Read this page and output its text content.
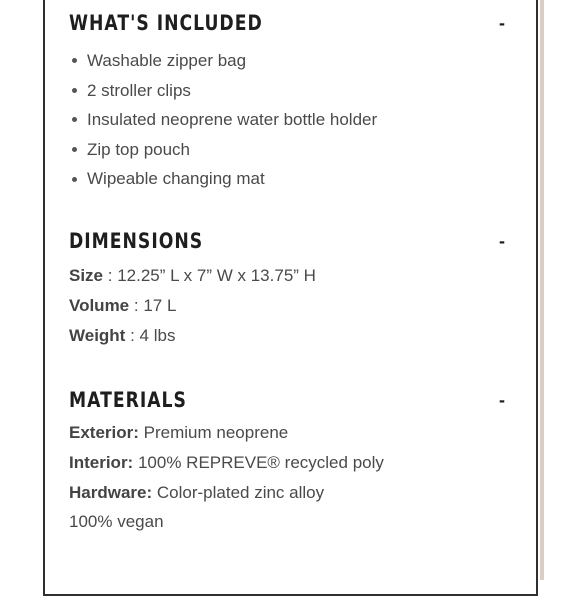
WHAT'S INCLUDED	-
Washable zipper bag
2 stroller clips
Insulated neoprene water bottle holder
Zip top pouch
Wipeable changing mat
DIMENSIONS	-
Size : 12.25” L x 7” W x 13.75” H
Volume : 17 L
Weight : 4 lbs
MATERIALS	-
Exterior: Premium neoprene
Interior: 100% REPREVE® recycled poly
Hardware: Color-plated zinc alloy
100% vegan
